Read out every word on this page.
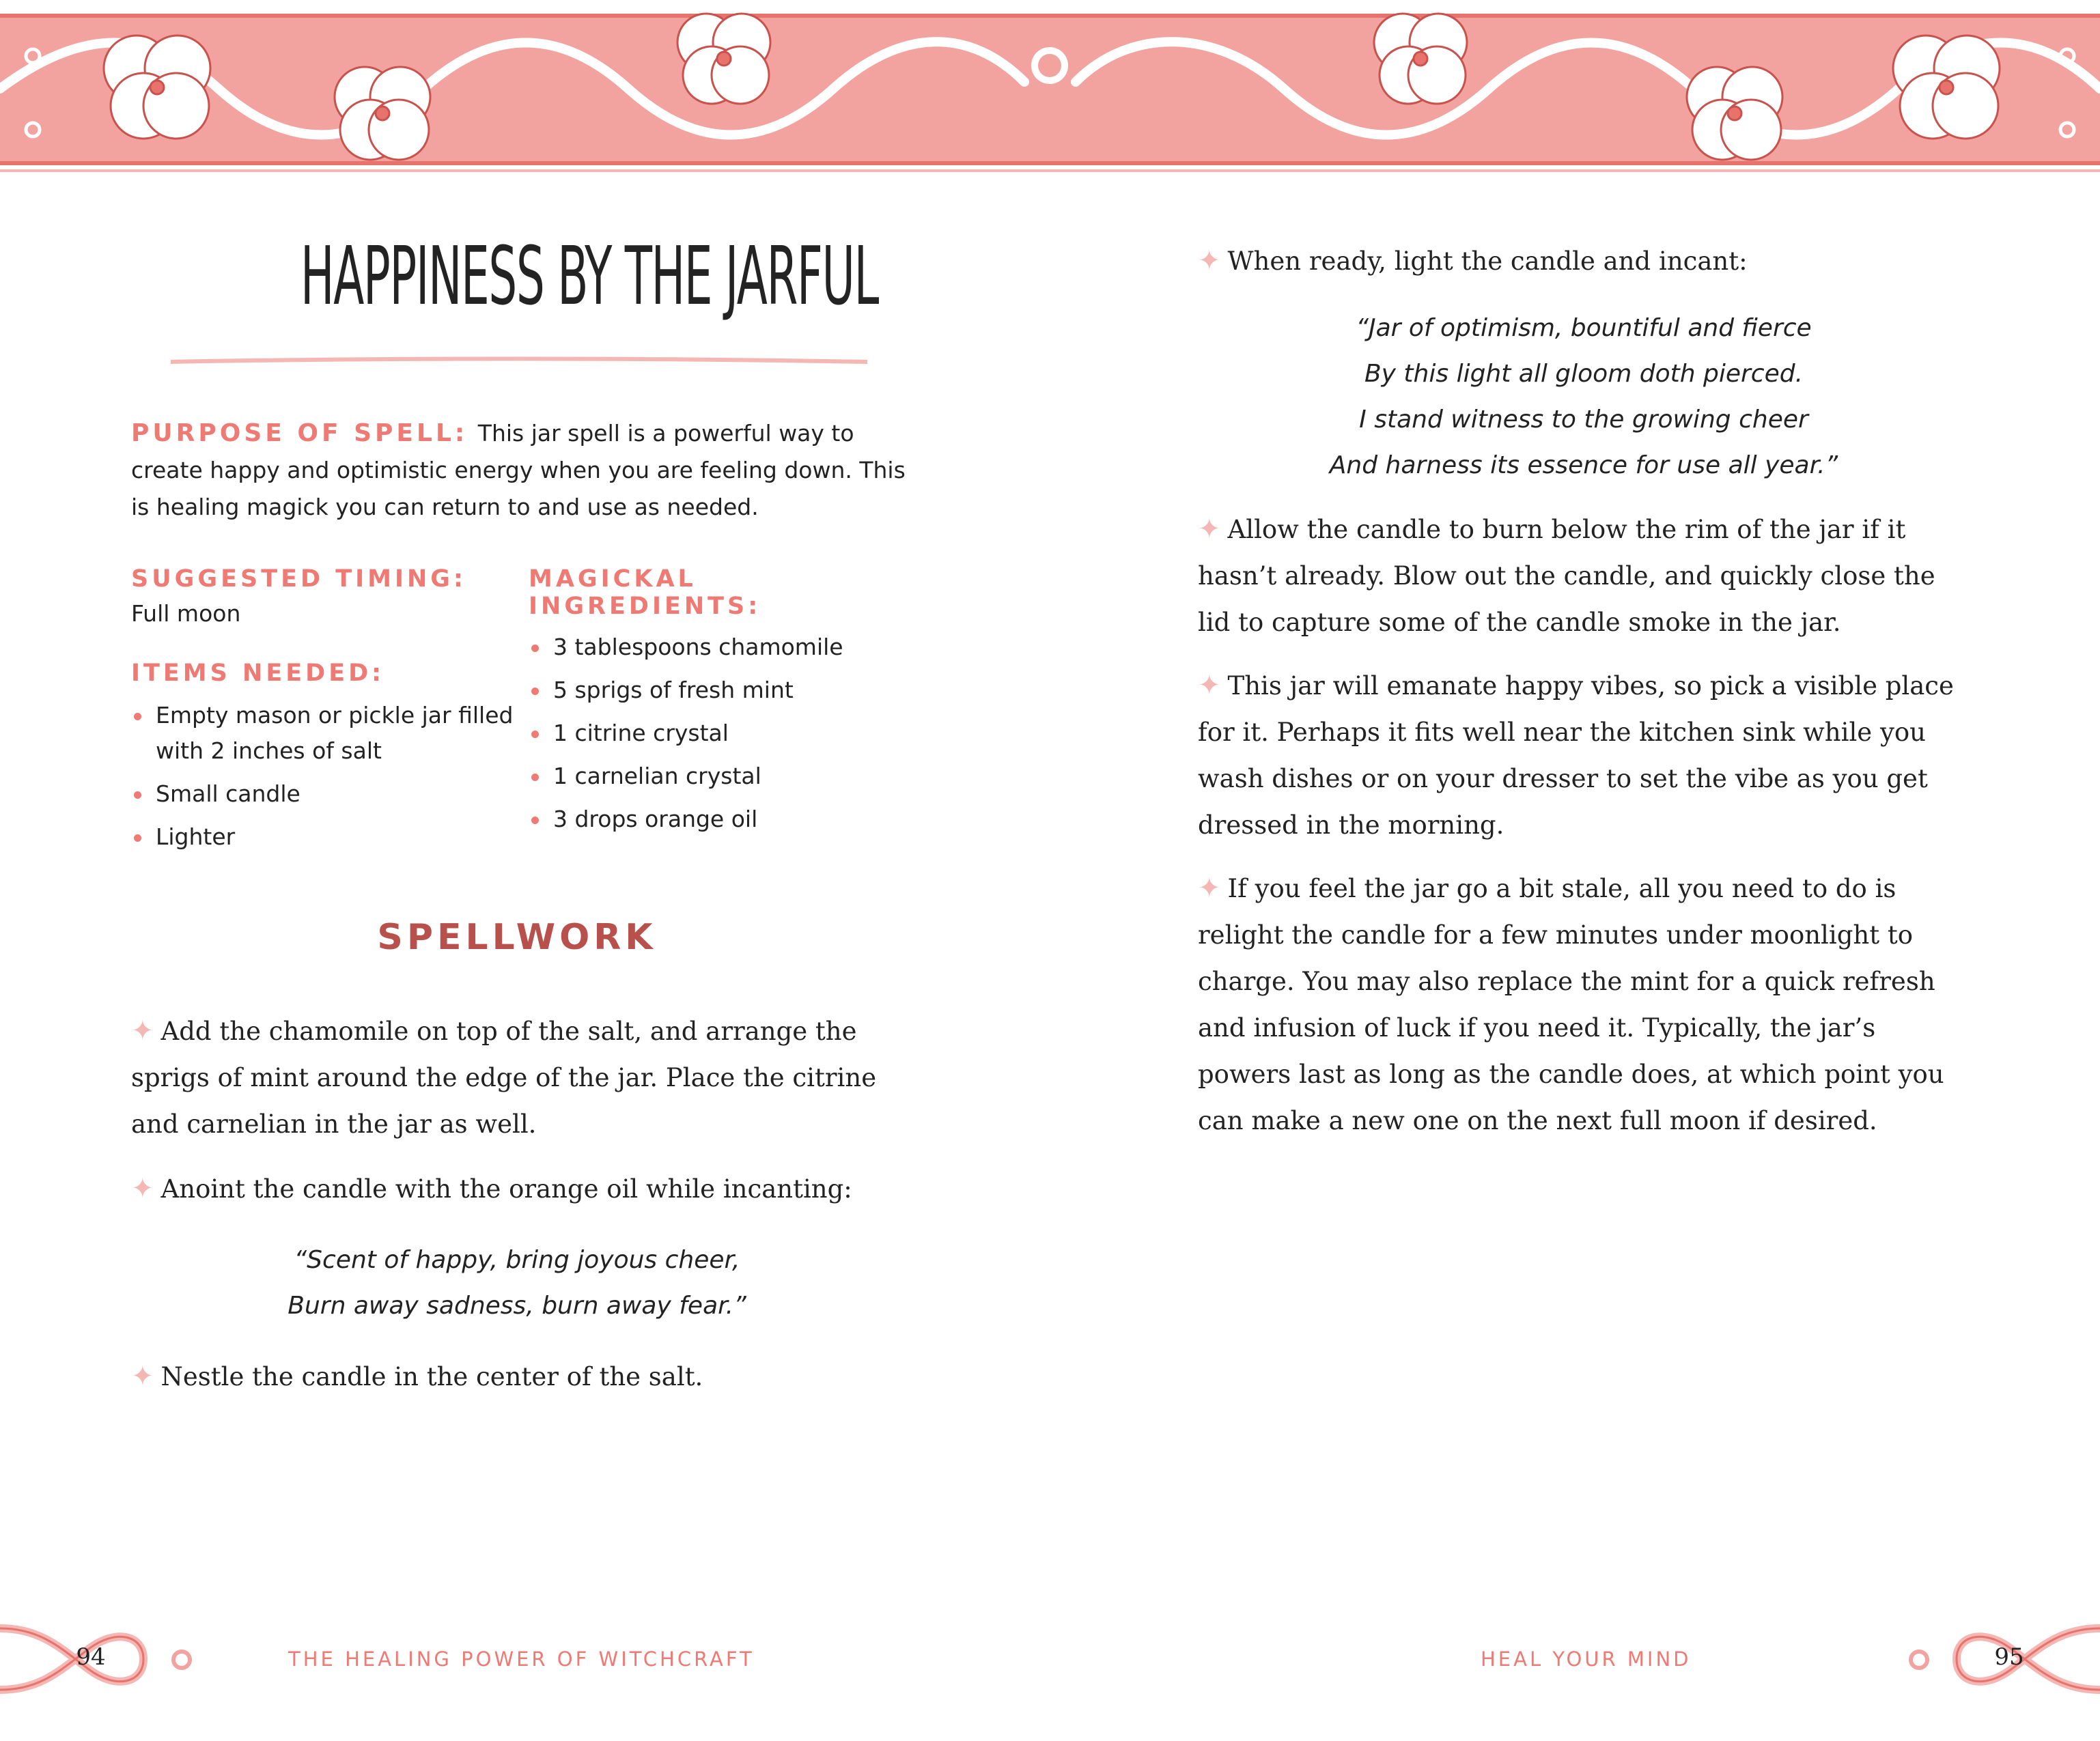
HAPPINESS BY THE JARFUL
PURPOSE OF SPELL: This jar spell is a powerful way to create happy and optimistic energy when you are feeling down. This is healing magick you can return to and use as needed.
SUGGESTED TIMING:
Full moon
ITEMS NEEDED:
Empty mason or pickle jar filled with 2 inches of salt
Small candle
Lighter
MAGICKAL INGREDIENTS:
3 tablespoons chamomile
5 sprigs of fresh mint
1 citrine crystal
1 carnelian crystal
3 drops orange oil
SPELLWORK

✦ Add the chamomile on top of the salt, and arrange the sprigs of mint around the edge of the jar. Place the citrine and carnelian in the jar as well.

✦ Anoint the candle with the orange oil while incanting:

“Scent of happy, bring joyous cheer,
Burn away sadness, burn away fear.”

✦ Nestle the candle in the center of the salt.

✦ When ready, light the candle and incant:

“Jar of optimism, bountiful and fierce
By this light all gloom doth pierced.
I stand witness to the growing cheer
And harness its essence for use all year.”

✦ Allow the candle to burn below the rim of the jar if it hasn’t already. Blow out the candle, and quickly close the lid to capture some of the candle smoke in the jar.

✦ This jar will emanate happy vibes, so pick a visible place for it. Perhaps it fits well near the kitchen sink while you wash dishes or on your dresser to set the vibe as you get dressed in the morning.

✦ If you feel the jar go a bit stale, all you need to do is relight the candle for a few minutes under moonlight to charge. You may also replace the mint for a quick refresh and infusion of luck if you need it. Typically, the jar’s powers last as long as the candle does, at which point you can make a new one on the next full moon if desired.

94	THE HEALING POWER OF WITCHCRAFT	HEAL YOUR MIND	95
